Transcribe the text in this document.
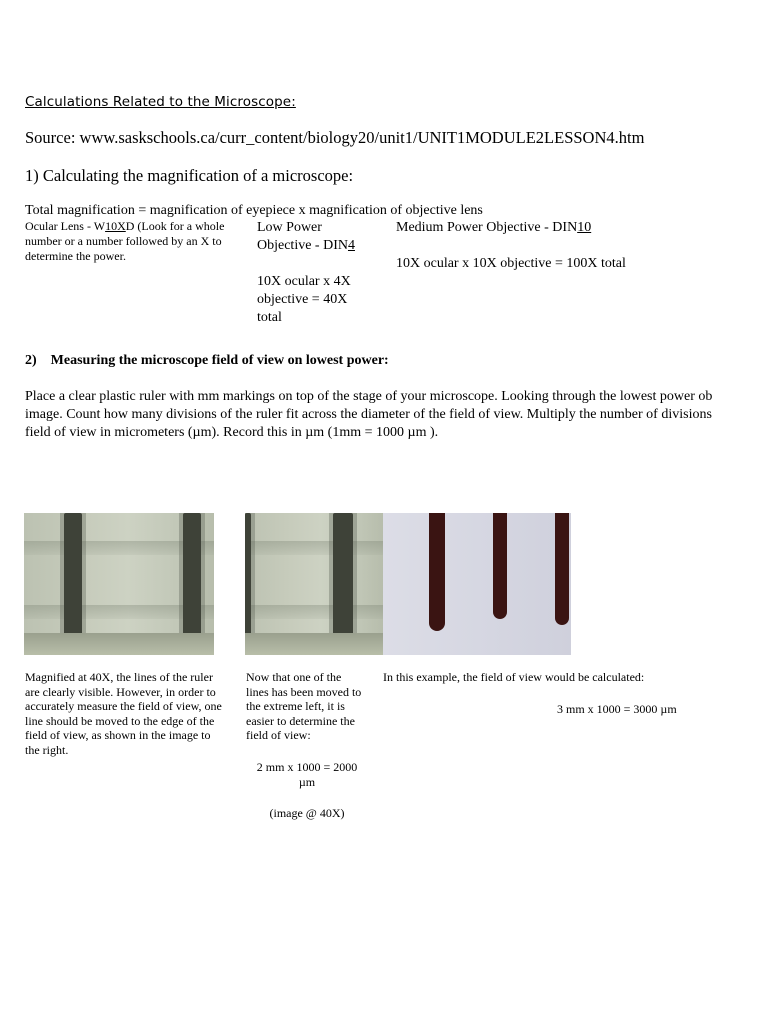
Calculations Related to the Microscope:
Source: www.saskschools.ca/curr_content/biology20/unit1/UNIT1MODULE2LESSON4.htm
1) Calculating the magnification of a microscope:
Total magnification = magnification of eyepiece x magnification of objective lens
Ocular Lens - W10XD (Look for a whole
number or a number followed by an X to
determine the power.
Low Power
Objective - DIN4
10X ocular x 4X
objective = 40X
total
Medium Power Objective - DIN10
10X ocular x 10X objective = 100X total
2) Measuring the microscope field of view on lowest power:
Place a clear plastic ruler with mm markings on top of the stage of your microscope. Looking through the lowest power ob
image. Count how many divisions of the ruler fit across the diameter of the field of view. Multiply the number of divisions
field of view in micrometers (µm). Record this in µm (1mm = 1000 µm ).
Magnified at 40X, the lines of the ruler
are clearly visible. However, in order to
accurately measure the field of view, one
line should be moved to the edge of the
field of view, as shown in the image to
the right.
Now that one of the
lines has been moved to
the extreme left, it is
easier to determine the
field of view:
2 mm x 1000 = 2000
µm
(image @ 40X)
In this example, the field of view would be calculated:
3 mm x 1000 = 3000 µm
